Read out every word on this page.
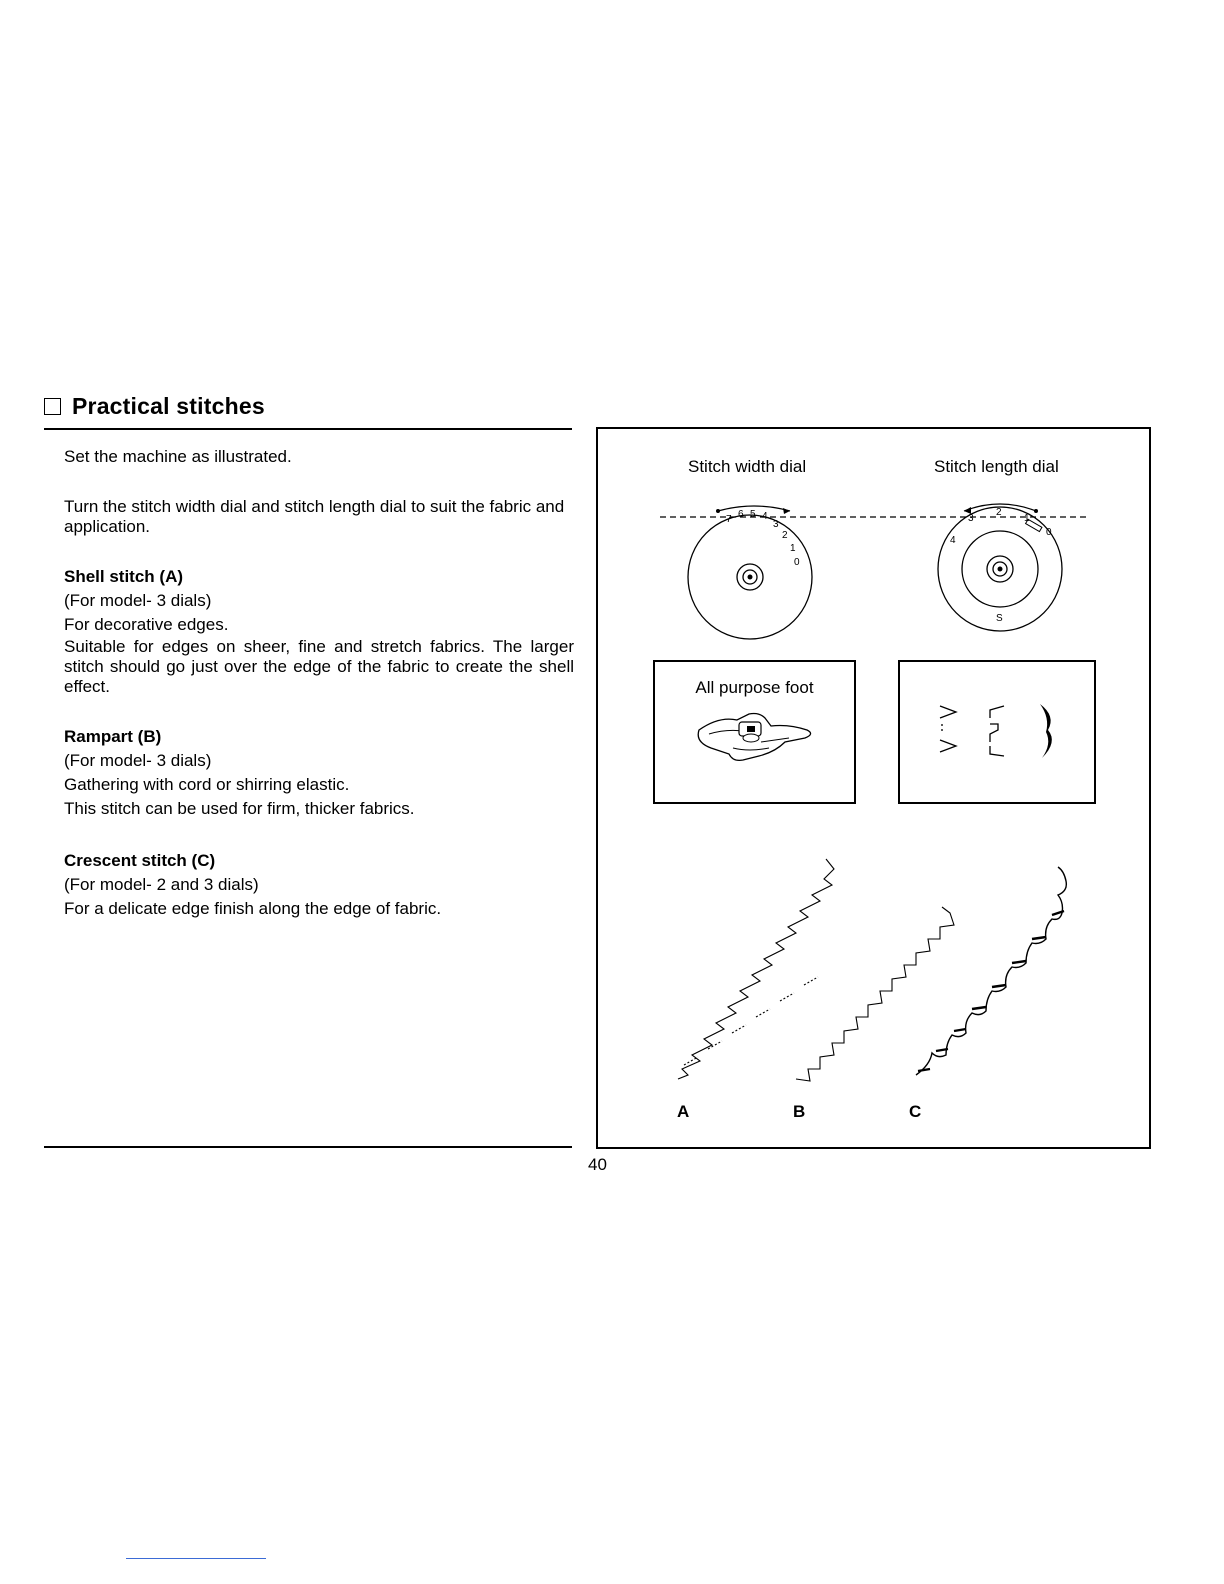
Practical stitches

Set the machine as illustrated.

Turn the stitch width dial and stitch length dial to suit the fabric and application.

Shell stitch (A)

(For model- 3 dials)

For decorative edges.

Suitable for edges on sheer, fine and stretch fabrics. The larger stitch should go just over the edge of the fabric to create the shell effect.

Rampart (B)

(For model- 3 dials)

Gathering with cord or shirring elastic.

This stitch can be used for firm, thicker fabrics.

Crescent stitch (C)

(For model- 2 and 3 dials)

For a delicate edge finish along the edge of fabric.

Stitch width dial	Stitch length dial
7 6 5 4
3
2
1
0
4
3
2
1
0
S
All purpose foot
A	B	C
40
